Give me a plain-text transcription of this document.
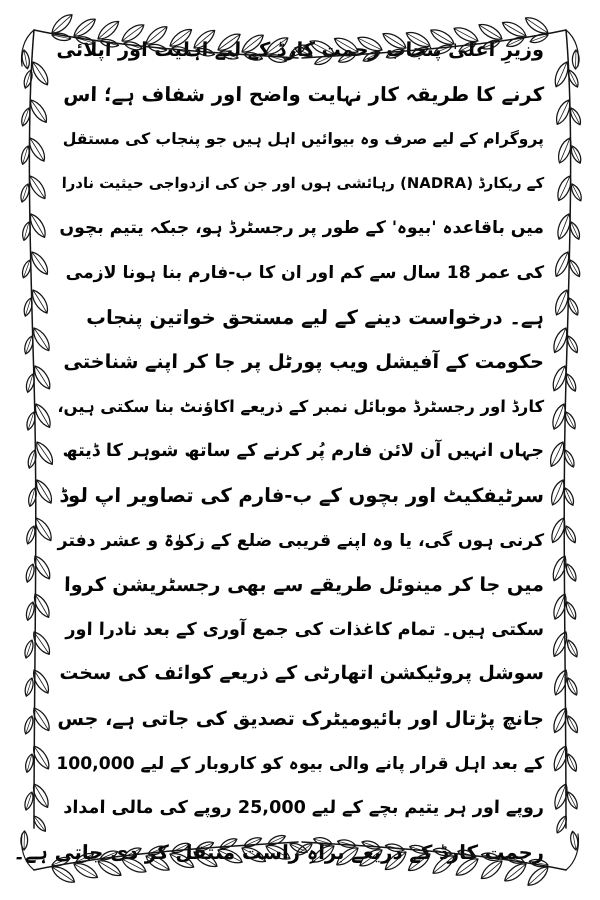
وزیرِ اعلیٰ پنجاب رحمت کارڈ کے لیے اہلیت اور اپلائی
کرنے کا طریقہ کار نہایت واضح اور شفاف ہے؛ اس
پروگرام کے لیے صرف وہ بیوائیں اہل ہیں جو پنجاب کی مستقل
کے ریکارڈ (NADRA) رہائشی ہوں اور جن کی ازدواجی حیثیت نادرا
میں باقاعدہ 'بیوہ' کے طور پر رجسٹرڈ ہو، جبکہ یتیم بچوں
کی عمر 18 سال سے کم اور ان کا ب-فارم بنا ہونا لازمی
ہے۔ درخواست دینے کے لیے مستحق خواتین پنجاب
حکومت کے آفیشل ویب پورٹل پر جا کر اپنے شناختی
کارڈ اور رجسٹرڈ موبائل نمبر کے ذریعے اکاؤنٹ بنا سکتی ہیں،
جہاں انہیں آن لائن فارم پُر کرنے کے ساتھ شوہر کا ڈیتھ
سرٹیفکیٹ اور بچوں کے ب-فارم کی تصاویر اپ لوڈ
کرنی ہوں گی، یا وہ اپنے قریبی ضلع کے زکوٰۃ و عشر دفتر
میں جا کر مینوئل طریقے سے بھی رجسٹریشن کروا
سکتی ہیں۔ تمام کاغذات کی جمع آوری کے بعد نادرا اور
سوشل پروٹیکشن اتھارٹی کے ذریعے کوائف کی سخت
جانچ پڑتال اور بائیومیٹرک تصدیق کی جاتی ہے، جس
کے بعد اہل قرار پانے والی بیوہ کو کاروبار کے لیے 100,000
روپے اور ہر یتیم بچے کے لیے 25,000 روپے کی مالی امداد
رحمت کارڈ کے ذریعے براہِ راست منتقل کر دی جاتی ہے۔
